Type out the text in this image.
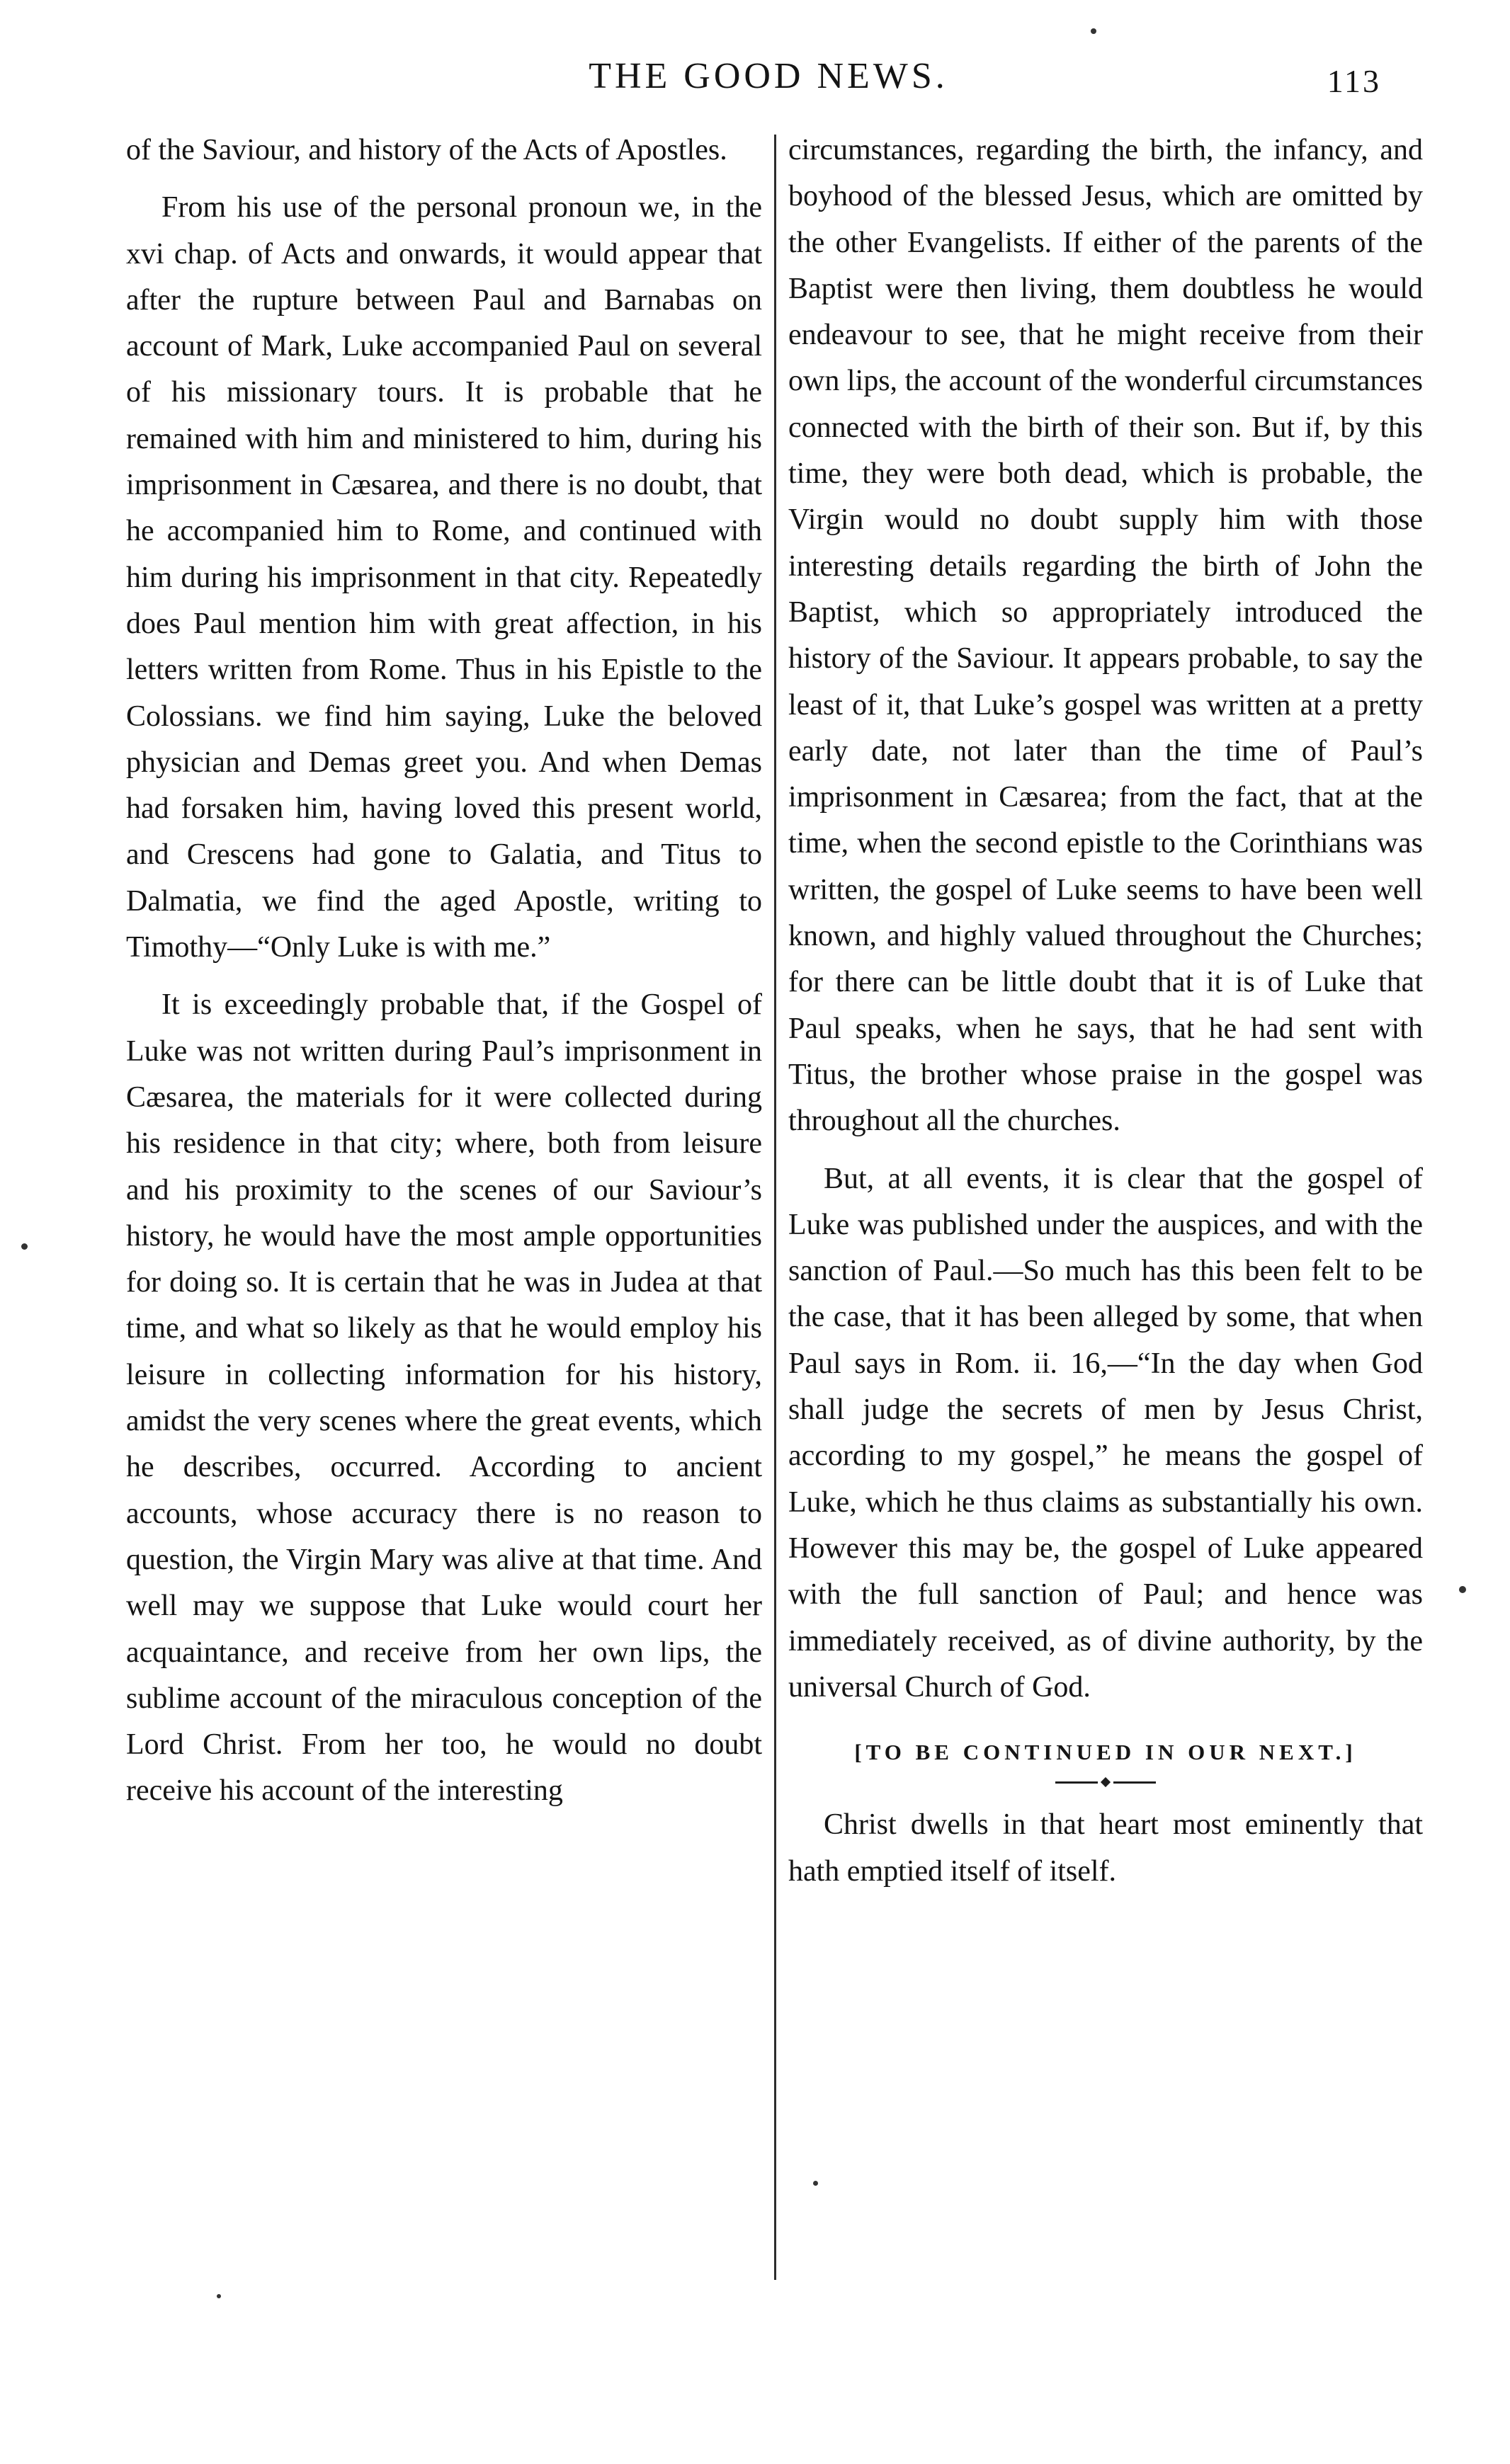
THE GOOD NEWS.	113

of the Saviour, and history of the Acts of Apostles.

From his use of the personal pronoun we, in the xvi chap. of Acts and onwards, it would appear that after the rupture between Paul and Barnabas on account of Mark, Luke accompanied Paul on several of his missionary tours. It is probable that he remained with him and ministered to him, during his imprisonment in Cæsarea, and there is no doubt, that he accompanied him to Rome, and continued with him during his imprisonment in that city. Repeatedly does Paul mention him with great affection, in his letters written from Rome. Thus in his Epistle to the Colossians. we find him saying, Luke the beloved physician and Demas greet you. And when Demas had forsaken him, having loved this present world, and Crescens had gone to Galatia, and Titus to Dalmatia, we find the aged Apostle, writing to Timothy—“Only Luke is with me.”

It is exceedingly probable that, if the Gospel of Luke was not written during Paul’s imprisonment in Cæsarea, the materials for it were collected during his residence in that city; where, both from leisure and his proximity to the scenes of our Saviour’s history, he would have the most ample opportunities for doing so. It is certain that he was in Judea at that time, and what so likely as that he would employ his leisure in collecting information for his history, amidst the very scenes where the great events, which he describes, occurred. According to ancient accounts, whose accuracy there is no reason to question, the Virgin Mary was alive at that time. And well may we suppose that Luke would court her acquaintance, and receive from her own lips, the sublime account of the miraculous conception of the Lord Christ. From her too, he would no doubt receive his account of the interesting

circumstances, regarding the birth, the infancy, and boyhood of the blessed Jesus, which are omitted by the other Evangelists. If either of the parents of the Baptist were then living, them doubtless he would endeavour to see, that he might receive from their own lips, the account of the wonderful circumstances connected with the birth of their son. But if, by this time, they were both dead, which is probable, the Virgin would no doubt supply him with those interesting details regarding the birth of John the Baptist, which so appropriately introduced the history of the Saviour. It appears probable, to say the least of it, that Luke’s gospel was written at a pretty early date, not later than the time of Paul’s imprisonment in Cæsarea; from the fact, that at the time, when the second epistle to the Corinthians was written, the gospel of Luke seems to have been well known, and highly valued throughout the Churches; for there can be little doubt that it is of Luke that Paul speaks, when he says, that he had sent with Titus, the brother whose praise in the gospel was throughout all the churches.

But, at all events, it is clear that the gospel of Luke was published under the auspices, and with the sanction of Paul.—So much has this been felt to be the case, that it has been alleged by some, that when Paul says in Rom. ii. 16,—“In the day when God shall judge the secrets of men by Jesus Christ, according to my gospel,” he means the gospel of Luke, which he thus claims as substantially his own. However this may be, the gospel of Luke appeared with the full sanction of Paul; and hence was immediately received, as of divine authority, by the universal Church of God.

[TO BE CONTINUED IN OUR NEXT.]

Christ dwells in that heart most eminently that hath emptied itself of itself.
